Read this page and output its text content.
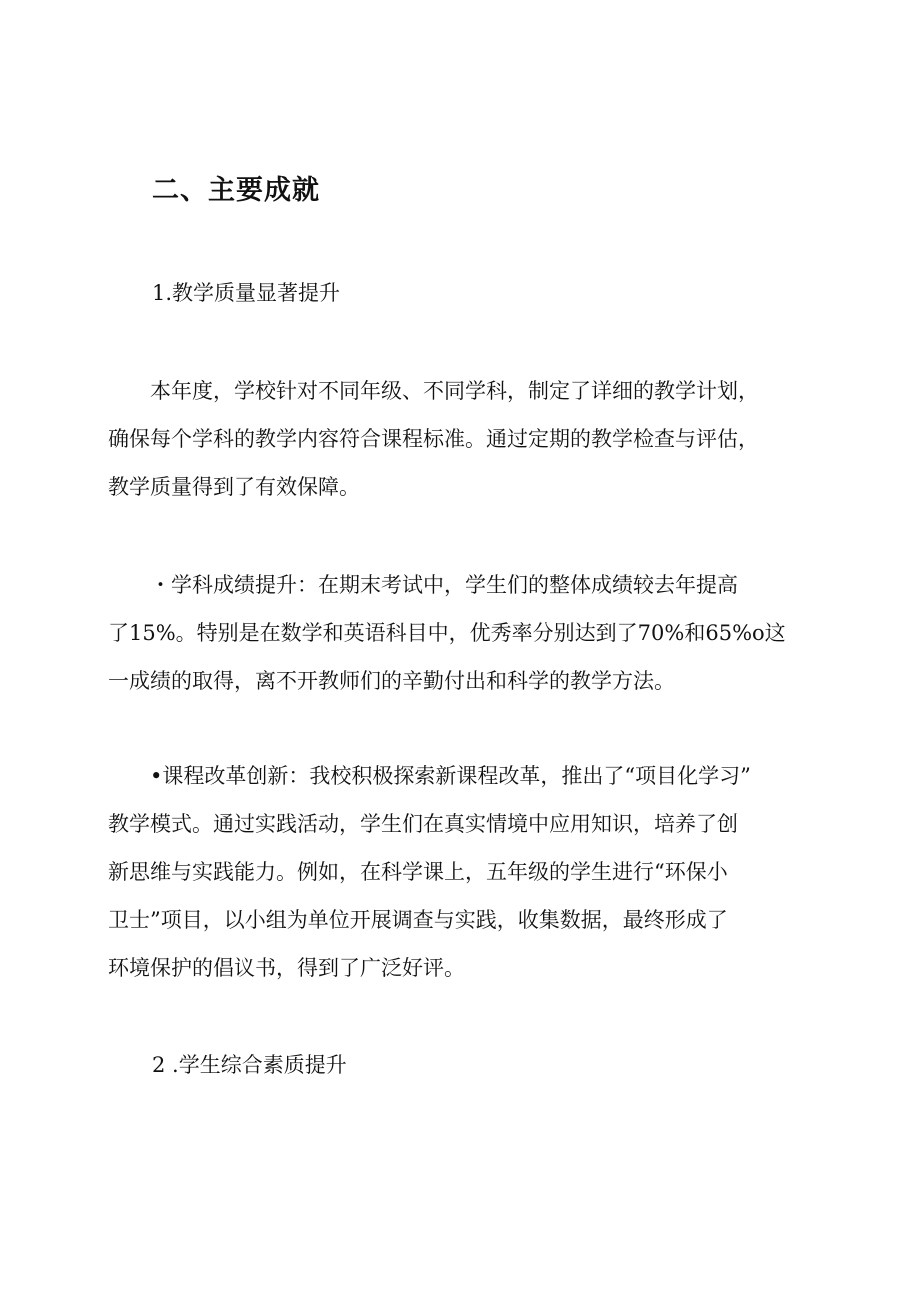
二、主要成就
1.教学质量显著提升

　　本年度，学校针对不同年级、不同学科，制定了详细的教学计划，

确保每个学科的教学内容符合课程标准。通过定期的教学检查与评估，

教学质量得到了有效保障。

　　・学科成绩提升：在期末考试中，学生们的整体成绩较去年提高

了15%。特别是在数学和英语科目中，优秀率分别达到了70%和65%o这

一成绩的取得，离不开教师们的辛勤付出和科学的教学方法。

　　•课程改革创新：我校积极探索新课程改革，推出了“项目化学习”

教学模式。通过实践活动，学生们在真实情境中应用知识，培养了创

新思维与实践能力。例如，在科学课上，五年级的学生进行“环保小

卫士”项目，以小组为单位开展调查与实践，收集数据，最终形成了

环境保护的倡议书，得到了广泛好评。

2 .学生综合素质提升
